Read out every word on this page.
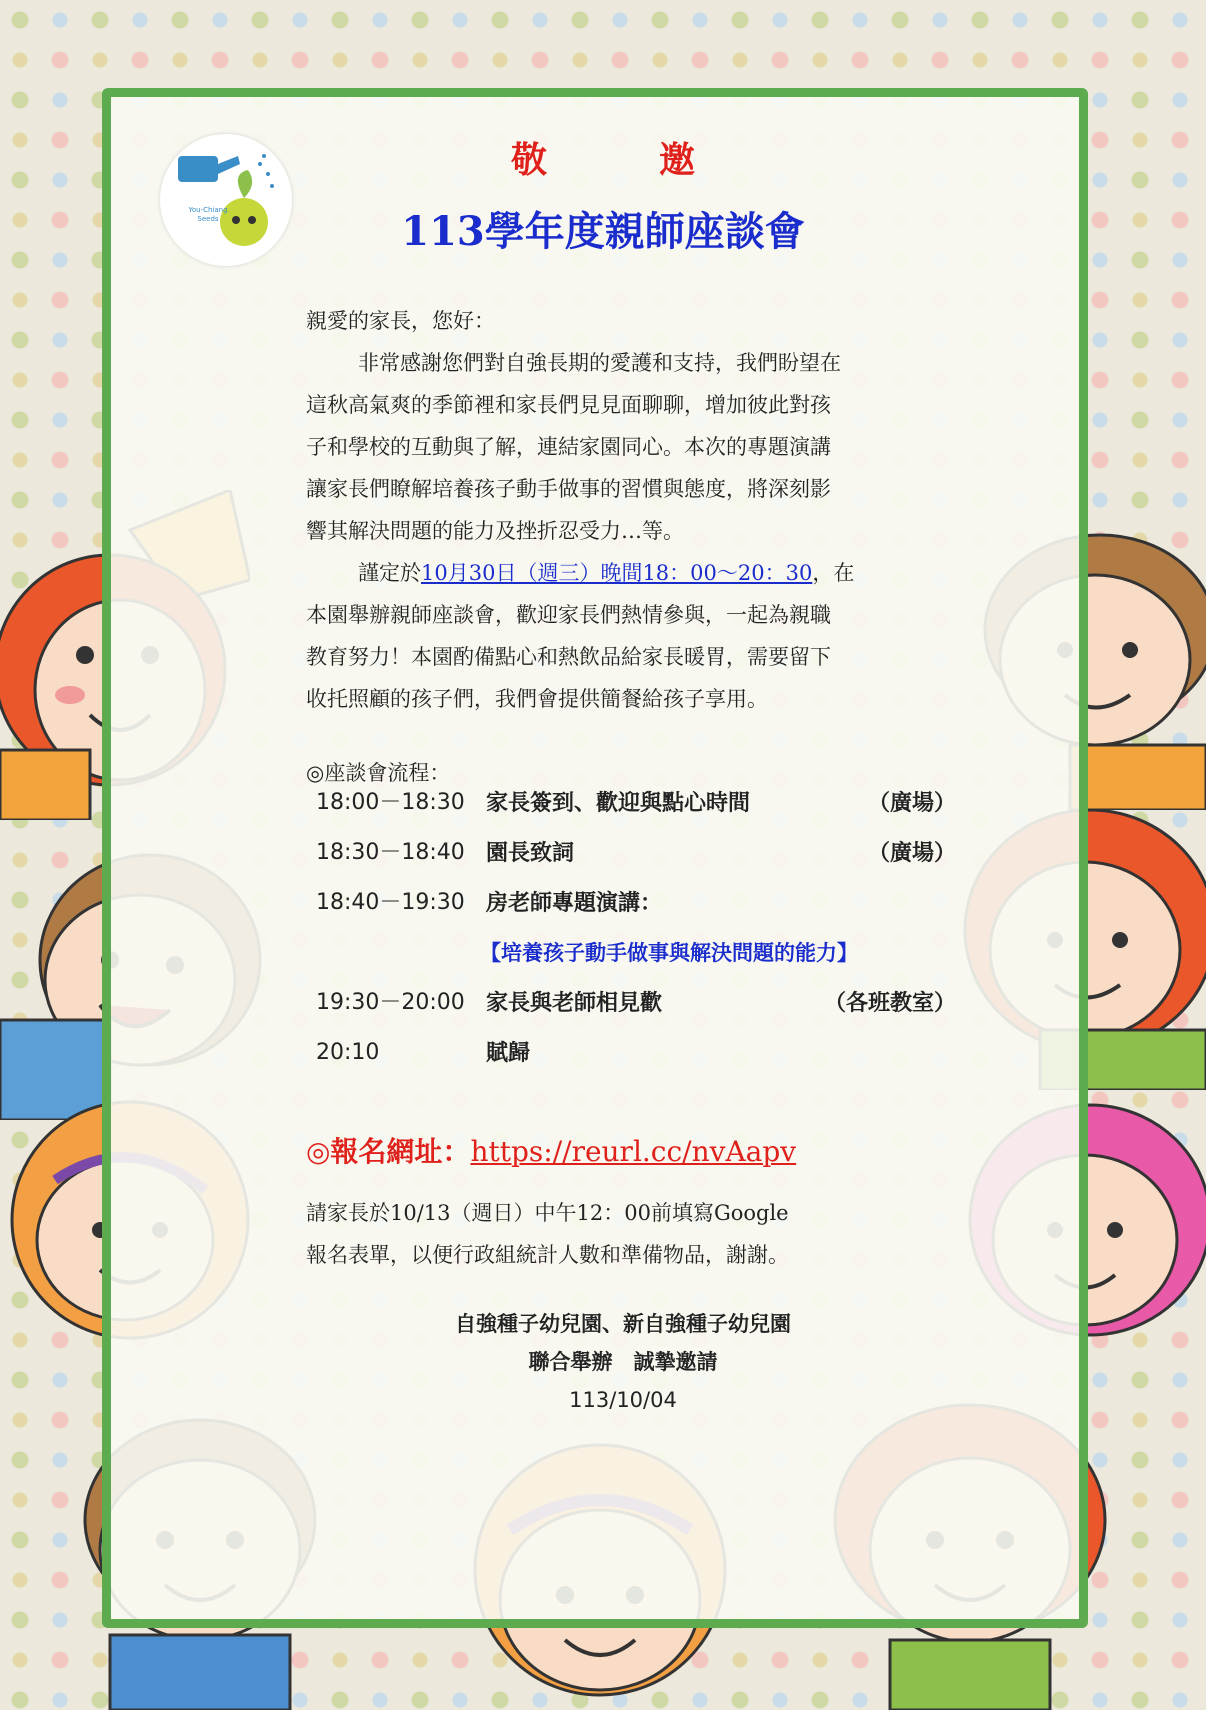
You-Chiang Seeds
敬　邀
113學年度親師座談會

親愛的家長，您好：

非常感謝您們對自強長期的愛護和支持，我們盼望在
這秋高氣爽的季節裡和家長們見見面聊聊，增加彼此對孩
子和學校的互動與了解，連結家園同心。本次的專題演講
讓家長們瞭解培養孩子動手做事的習慣與態度，將深刻影
響其解決問題的能力及挫折忍受力…等。
謹定於10月30日（週三）晚間18：00～20：30，在
本園舉辦親師座談會，歡迎家長們熱情參與，一起為親職
教育努力！本園酌備點心和熱飲品給家長暖胃，需要留下
收托照顧的孩子們，我們會提供簡餐給孩子享用。

◎座談會流程：

18:00－18:30 家長簽到、歡迎與點心時間	（廣場）
18:30－18:40 園長致詞	（廣場）
18:40－19:30 房老師專題演講：
【培養孩子動手做事與解決問題的能力】
19:30－20:00 家長與老師相見歡	（各班教室）
20:10	賦歸
◎報名網址：https://reurl.cc/nvAapv
請家長於10/13（週日）中午12：00前填寫Google
報名表單，以便行政組統計人數和準備物品，謝謝。
自強種子幼兒園、新自強種子幼兒園
聯合舉辦　誠摯邀請
113/10/04
